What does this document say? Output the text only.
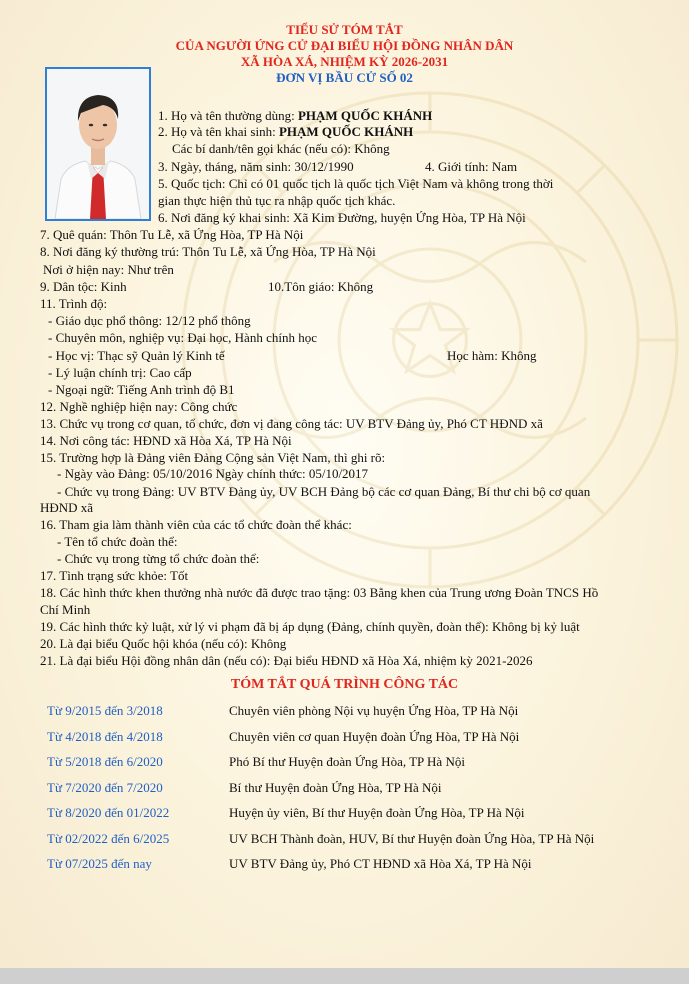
TIỂU SỬ TÓM TẮT
CỦA NGƯỜI ỨNG CỬ ĐẠI BIỂU HỘI ĐỒNG NHÂN DÂN
XÃ HÒA XÁ, NHIỆM KỲ 2026-2031
ĐƠN VỊ BẦU CỬ SỐ 02
1. Họ và tên thường dùng: PHẠM QUỐC KHÁNH
2. Họ và tên khai sinh: PHẠM QUỐC KHÁNH
Các bí danh/tên gọi khác (nếu có): Không
3. Ngày, tháng, năm sinh: 30/12/1990	4. Giới tính: Nam
5. Quốc tịch: Chỉ có 01 quốc tịch là quốc tịch Việt Nam và không trong thời
gian thực hiện thủ tục ra nhập quốc tịch khác.
6. Nơi đăng ký khai sinh: Xã Kim Đường, huyện Ứng Hòa, TP Hà Nội
7. Quê quán: Thôn Tu Lễ, xã Ứng Hòa, TP Hà Nội
8. Nơi đăng ký thường trú: Thôn Tu Lễ, xã Ứng Hòa, TP Hà Nội
Nơi ở hiện nay: Như trên
9. Dân tộc: Kinh	10.Tôn giáo: Không
11. Trình độ:
- Giáo dục phổ thông: 12/12 phổ thông
- Chuyên môn, nghiệp vụ: Đại học, Hành chính học
- Học vị: Thạc sỹ Quản lý Kinh tế	Học hàm: Không
- Lý luận chính trị: Cao cấp
- Ngoại ngữ: Tiếng Anh trình độ B1
12. Nghề nghiệp hiện nay: Công chức
13. Chức vụ trong cơ quan, tổ chức, đơn vị đang công tác: UV BTV Đảng ủy, Phó CT HĐND xã
14. Nơi công tác: HĐND xã Hòa Xá, TP Hà Nội
15. Trường hợp là Đảng viên Đảng Cộng sản Việt Nam, thì ghi rõ:
- Ngày vào Đảng: 05/10/2016 Ngày chính thức: 05/10/2017
- Chức vụ trong Đảng: UV BTV Đảng ủy, UV BCH Đảng bộ các cơ quan Đảng, Bí thư chi bộ cơ quan
HĐND xã
16. Tham gia làm thành viên của các tổ chức đoàn thể khác:
- Tên tổ chức đoàn thể:
- Chức vụ trong từng tổ chức đoàn thể:
17. Tình trạng sức khỏe: Tốt
18. Các hình thức khen thưởng nhà nước đã được trao tặng: 03 Bằng khen của Trung ương Đoàn TNCS Hồ
Chí Minh
19. Các hình thức kỷ luật, xử lý vi phạm đã bị áp dụng (Đảng, chính quyền, đoàn thể): Không bị kỷ luật
20. Là đại biểu Quốc hội khóa (nếu có): Không
21. Là đại biểu Hội đồng nhân dân (nếu có): Đại biểu HĐND xã Hòa Xá, nhiệm kỳ 2021-2026
TÓM TẮT QUÁ TRÌNH CÔNG TÁC
Từ 9/2015 đến 3/2018	Chuyên viên phòng Nội vụ huyện Ứng Hòa, TP Hà Nội
Từ 4/2018 đến 4/2018	Chuyên viên cơ quan Huyện đoàn Ứng Hòa, TP Hà Nội
Từ 5/2018 đến 6/2020	Phó Bí thư Huyện đoàn Ứng Hòa, TP Hà Nội
Từ 7/2020 đến 7/2020	Bí thư Huyện đoàn Ứng Hòa, TP Hà Nội
Từ 8/2020 đến 01/2022	Huyện ủy viên, Bí thư Huyện đoàn Ứng Hòa, TP Hà Nội
Từ 02/2022 đến 6/2025	UV BCH Thành đoàn, HUV, Bí thư Huyện đoàn Ứng Hòa, TP Hà Nội
Từ 07/2025 đến nay	UV BTV Đảng ủy, Phó CT HĐND xã Hòa Xá, TP Hà Nội
